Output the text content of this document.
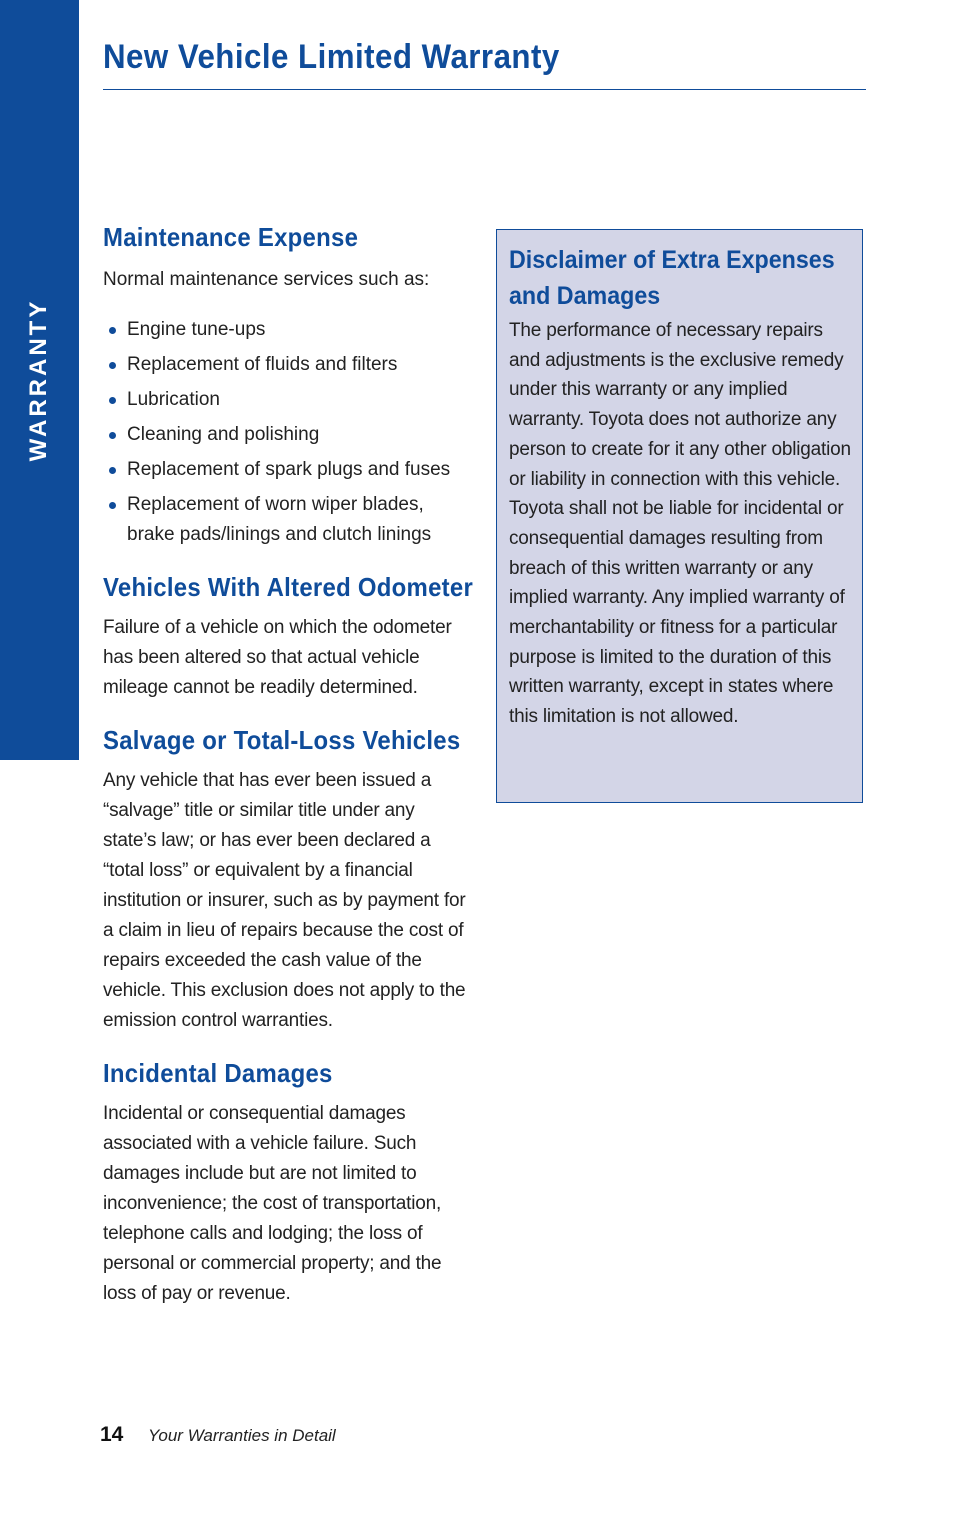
WARRANTY
New Vehicle Limited Warranty
Maintenance Expense

Normal maintenance services such as:

Engine tune-ups
Replacement of fluids and filters
Lubrication
Cleaning and polishing
Replacement of spark plugs and fuses
Replacement of worn wiper blades, brake pads/linings and clutch linings
Vehicles With Altered Odometer

Failure of a vehicle on which the odometer has been altered so that actual vehicle mileage cannot be readily determined.

Salvage or Total-Loss Vehicles

Any vehicle that has ever been issued a “salvage” title or similar title under any state’s law; or has ever been declared a “total loss” or equivalent by a financial institution or insurer, such as by payment for a claim in lieu of repairs because the cost of repairs exceeded the cash value of the vehicle. This exclusion does not apply to the emission control warranties.

Incidental Damages

Incidental or consequential damages associated with a vehicle failure. Such damages include but are not limited to inconvenience; the cost of transportation, telephone calls and lodging; the loss of personal or commercial property; and the loss of pay or revenue.

Disclaimer of Extra Expenses and Damages

The performance of necessary repairs and adjustments is the exclusive remedy under this warranty or any implied warranty. Toyota does not authorize any person to create for it any other obligation or liability in connection with this vehicle. Toyota shall not be liable for incidental or consequential damages resulting from breach of this written warranty or any implied warranty. Any implied warranty of merchantability or fitness for a particular purpose is limited to the duration of this written warranty, except in states where this limitation is not allowed.

14 Your Warranties in Detail
